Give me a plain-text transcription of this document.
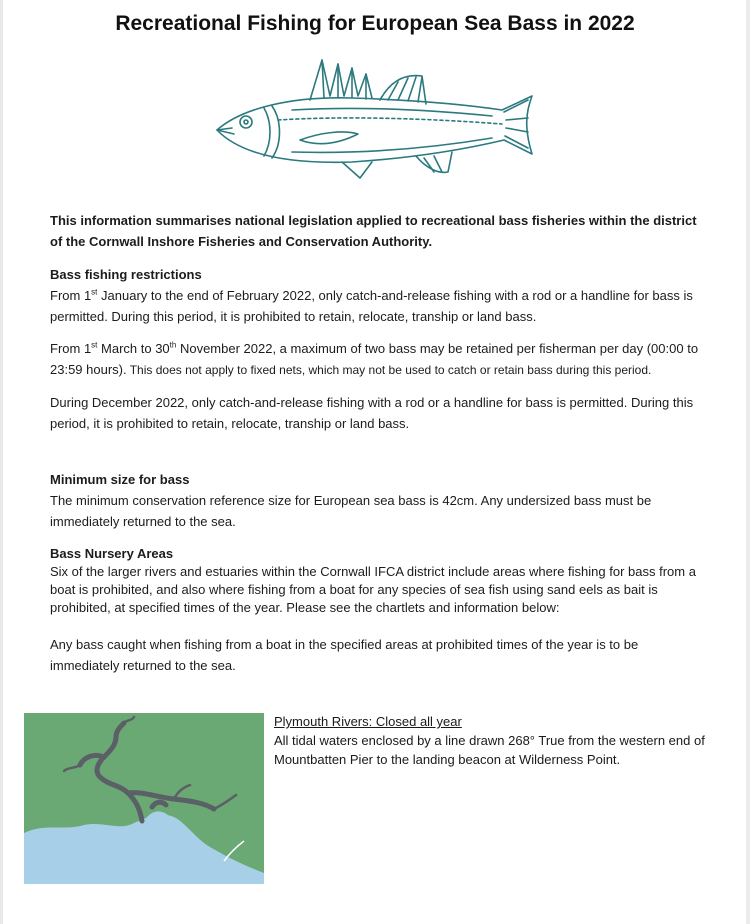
Recreational Fishing for European Sea Bass in 2022
This information summarises national legislation applied to recreational bass fisheries within the district of the Cornwall Inshore Fisheries and Conservation Authority.
Bass fishing restrictions
From 1st January to the end of February 2022, only catch-and-release fishing with a rod or a handline for bass is permitted. During this period, it is prohibited to retain, relocate, tranship or land bass.
From 1st March to 30th November 2022, a maximum of two bass may be retained per fisherman per day (00:00 to 23:59 hours). This does not apply to fixed nets, which may not be used to catch or retain bass during this period.
During December 2022, only catch-and-release fishing with a rod or a handline for bass is permitted. During this period, it is prohibited to retain, relocate, tranship or land bass.
Minimum size for bass
The minimum conservation reference size for European sea bass is 42cm. Any undersized bass must be immediately returned to the sea.
Bass Nursery Areas
Six of the larger rivers and estuaries within the Cornwall IFCA district include areas where fishing for bass from a boat is prohibited, and also where fishing from a boat for any species of sea fish using sand eels as bait is prohibited, at specified times of the year. Please see the chartlets and information below:
Any bass caught when fishing from a boat in the specified areas at prohibited times of the year is to be immediately returned to the sea.
Plymouth Rivers: Closed all year
All tidal waters enclosed by a line drawn 268° True from the western end of Mountbatten Pier to the landing beacon at Wilderness Point.
